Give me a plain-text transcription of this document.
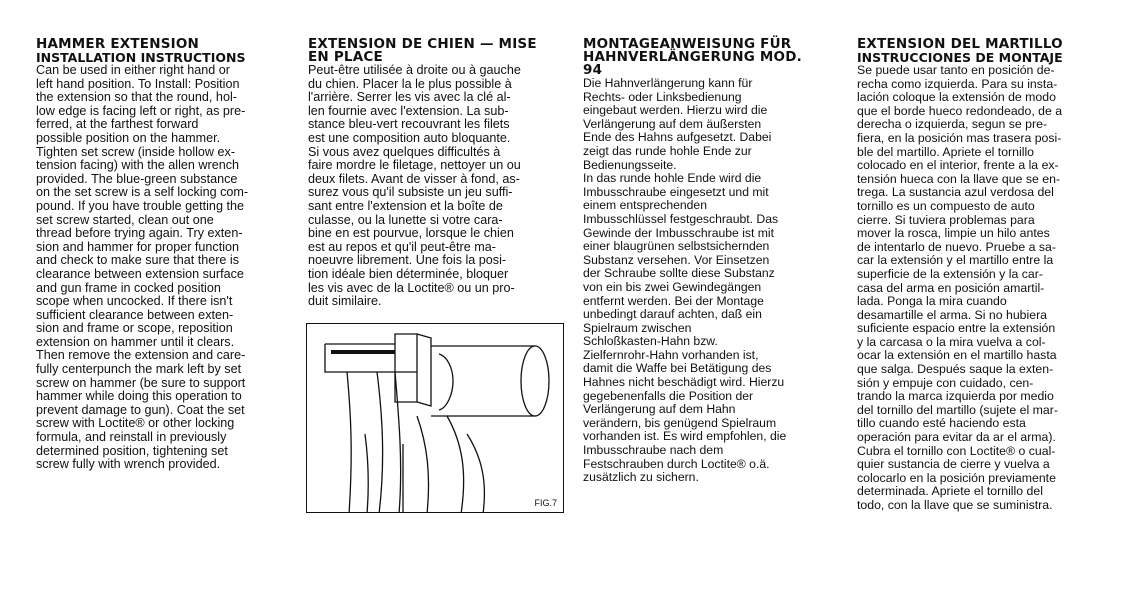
HAMMER EXTENSION
INSTALLATION INSTRUCTIONS

Can be used in either right hand or
left hand position. To Install: Position
the extension so that the round, hol-
low edge is facing left or right, as pre-
ferred, at the farthest forward
possible position on the hammer.
Tighten set screw (inside hollow ex-
tension facing) with the allen wrench
provided. The blue-green substance
on the set screw is a self locking com-
pound. If you have trouble getting the
set screw started, clean out one
thread before trying again. Try exten-
sion and hammer for proper function
and check to make sure that there is
clearance between extension surface
and gun frame in cocked position
scope when uncocked. If there isn't
sufficient clearance between exten-
sion and frame or scope, reposition
extension on hammer until it clears.
Then remove the extension and care-
fully centerpunch the mark left by set
screw on hammer (be sure to support
hammer while doing this operation to
prevent damage to gun). Coat the set
screw with Loctite® or other locking
formula, and reinstall in previously
determined position, tightening set
screw fully with wrench provided.

EXTENSION DE CHIEN — MISE
EN PLACE

Peut-être utilisée à droite ou à gauche
du chien. Placer la le plus possible à
l'arrière. Serrer les vis avec la clé al-
len fournie avec l'extension. La sub-
stance bleu-vert recouvrant les filets
est une composition auto bloquante.
Si vous avez quelques difficultés à
faire mordre le filetage, nettoyer un ou
deux filets. Avant de visser à fond, as-
surez vous qu'il subsiste un jeu suffi-
sant entre l'extension et la boîte de
culasse, ou la lunette si votre cara-
bine en est pourvue, lorsque le chien
est au repos et qu'il peut-être ma-
noeuvre librement. Une fois la posi-
tion idéale bien déterminée, bloquer
les vis avec de la Loctite® ou un pro-
duit similaire.

FIG.7
MONTAGEANWEISUNG FÜR
HAHNVERLÄNGERUNG MOD.
94

Die Hahnverlängerung kann für
Rechts- oder Linksbedienung
eingebaut werden. Hierzu wird die
Verlängerung auf dem äußersten
Ende des Hahns aufgesetzt. Dabei
zeigt das runde hohle Ende zur
Bedienungsseite.
In das runde hohle Ende wird die
Imbusschraube eingesetzt und mit
einem entsprechenden
Imbusschlüssel festgeschraubt. Das
Gewinde der Imbusschraube ist mit
einer blaugrünen selbstsichernden
Substanz versehen. Vor Einsetzen
der Schraube sollte diese Substanz
von ein bis zwei Gewindegängen
entfernt werden. Bei der Montage
unbedingt darauf achten, daß ein
Spielraum zwischen
Schloßkasten-Hahn bzw.
Zielfernrohr-Hahn vorhanden ist,
damit die Waffe bei Betätigung des
Hahnes nicht beschädigt wird. Hierzu
gegebenenfalls die Position der
Verlängerung auf dem Hahn
verändern, bis genügend Spielraum
vorhanden ist. Es wird empfohlen, die
Imbusschraube nach dem
Festschrauben durch Loctite® o.ä.
zusätzlich zu sichern.

EXTENSION DEL MARTILLO
INSTRUCCIONES DE MONTAJE

Se puede usar tanto en posición de-
recha como izquierda. Para su insta-
lación coloque la extensión de modo
que el borde hueco redondeado, de a
derecha o izquierda, segun se pre-
fiera, en la posición mas trasera posi-
ble del martillo. Apriete el tornillo
colocado en el interior, frente a la ex-
tensión hueca con la llave que se en-
trega. La sustancia azul verdosa del
tornillo es un compuesto de auto
cierre. Si tuviera problemas para
mover la rosca, limpie un hilo antes
de intentarlo de nuevo. Pruebe a sa-
car la extensión y el martillo entre la
superficie de la extensión y la car-
casa del arma en posición amartil-
lada. Ponga la mira cuando
desamartille el arma. Si no hubiera
suficiente espacio entre la extensión
y la carcasa o la mira vuelva a col-
ocar la extensión en el martillo hasta
que salga. Después saque la exten-
sión y empuje con cuidado, cen-
trando la marca izquierda por medio
del tornillo del martillo (sujete el mar-
tillo cuando esté haciendo esta
operación para evitar da ar el arma).
Cubra el tornillo con Loctite® o cual-
quier sustancia de cierre y vuelva a
colocarlo en la posición previamente
determinada. Apriete el tornillo del
todo, con la llave que se suministra.
